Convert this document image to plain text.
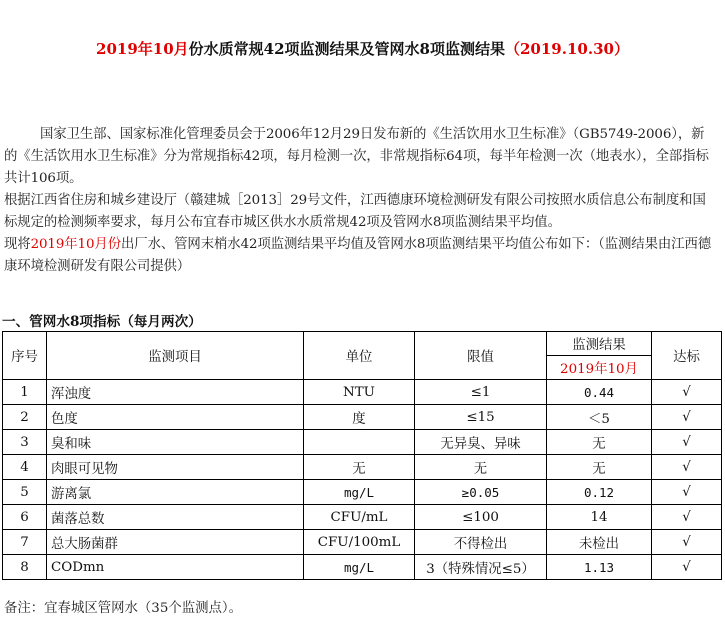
2019年10月份水质常规42项监测结果及管网水8项监测结果（2019.10.30）

国家卫生部、国家标准化管理委员会于2006年12月29日发布新的《生活饮用水卫生标准》（GB5749-2006），新的《生活饮用水卫生标准》分为常规指标42项，每月检测一次，非常规指标64项，每半年检测一次（地表水），全部指标共计106项。

根据江西省住房和城乡建设厅（赣建城［2013］29号文件，江西德康环境检测研发有限公司按照水质信息公布制度和国标规定的检测频率要求，每月公布宜春市城区供水水质常规42项及管网水8项监测结果平均值。

现将2019年10月份出厂水、管网末梢水42项监测结果平均值及管网水8项监测结果平均值公布如下：（监测结果由江西德康环境检测研发有限公司提供）

一、管网水8项指标（每月两次）
序号	监测项目	单位	限值	监测结果	达标
				2019年10月	
1	浑浊度	NTU	≤1	0.44	√
2	色度	度	≤15	＜5	√
3	臭和味		无异臭、异味	无	√
4	肉眼可见物	无	无	无	√
5	游离氯	mg/L	≥0.05	0.12	√
6	菌落总数	CFU/mL	≤100	14	√
7	总大肠菌群	CFU/100mL	不得检出	未检出	√
8	CODmn	mg/L	3（特殊情况≤5）	1.13	√
备注：宜春城区管网水（35个监测点）。
